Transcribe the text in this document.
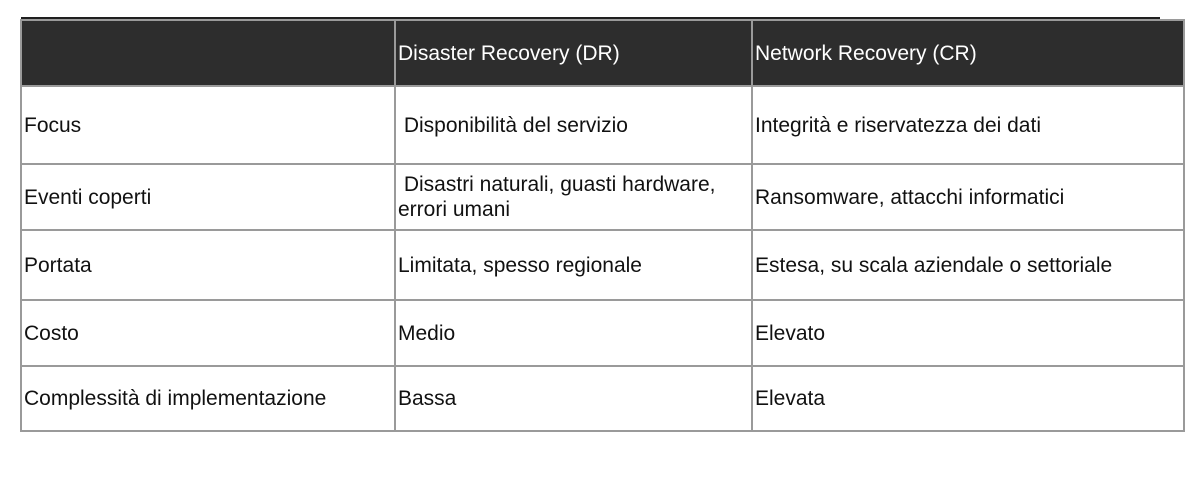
	Disaster Recovery (DR)	Network Recovery (CR)
Focus	Disponibilità del servizio	Integrità e riservatezza dei dati
Eventi coperti	Disastri naturali, guasti hardware, errori umani	Ransomware, attacchi informatici
Portata	Limitata, spesso regionale	Estesa, su scala aziendale o settoriale
Costo	Medio	Elevato
Complessità di implementazione	Bassa	Elevata
